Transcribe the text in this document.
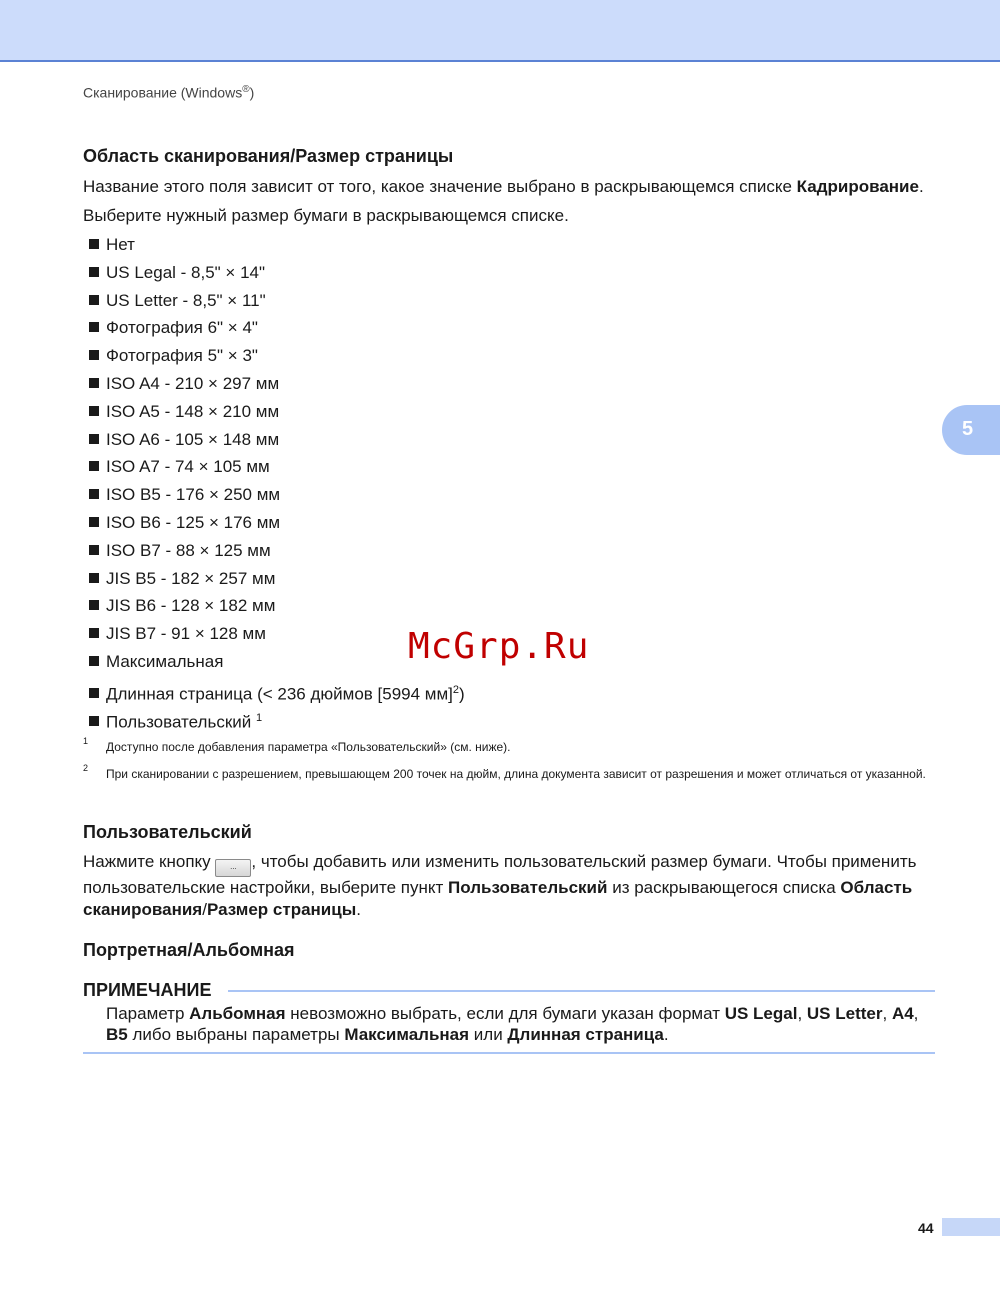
Сканирование (Windows®)
5
Область сканирования/Размер страницы

Название этого поля зависит от того, какое значение выбрано в раскрывающемся списке Кадрирование.

Выберите нужный размер бумаги в раскрывающемся списке.

Нет
US Legal - 8,5" × 14"
US Letter - 8,5" × 11"
Фотография 6" × 4"
Фотография 5" × 3"
ISO A4 - 210 × 297 мм
ISO A5 - 148 × 210 мм
ISO A6 - 105 × 148 мм
ISO A7 - 74 × 105 мм
ISO B5 - 176 × 250 мм
ISO B6 - 125 × 176 мм
ISO B7 - 88 × 125 мм
JIS B5 - 182 × 257 мм
JIS B6 - 128 × 182 мм
JIS B7 - 91 × 128 мм
Максимальная
Длинная страница (< 236 дюймов [5994 мм]$^2$)
Пользовательский $^1$
1 Доступно после добавления параметра «Пользовательский» (см. ниже).
2 При сканировании с разрешением, превышающем 200 точек на дюйм, длина документа зависит от разрешения и может отличаться от указанной.
Пользовательский

Нажмите кнопку ... , чтобы добавить или изменить пользовательский размер бумаги. Чтобы применить пользовательские настройки, выберите пункт Пользовательский из раскрывающегося списка Область сканирования/Размер страницы.

Портретная/Альбомная
ПРИМЕЧАНИЕ

Параметр Альбомная невозможно выбрать, если для бумаги указан формат US Legal, US Letter, A4, B5 либо выбраны параметры Максимальная или Длинная страница.

McGrp.Ru
44
